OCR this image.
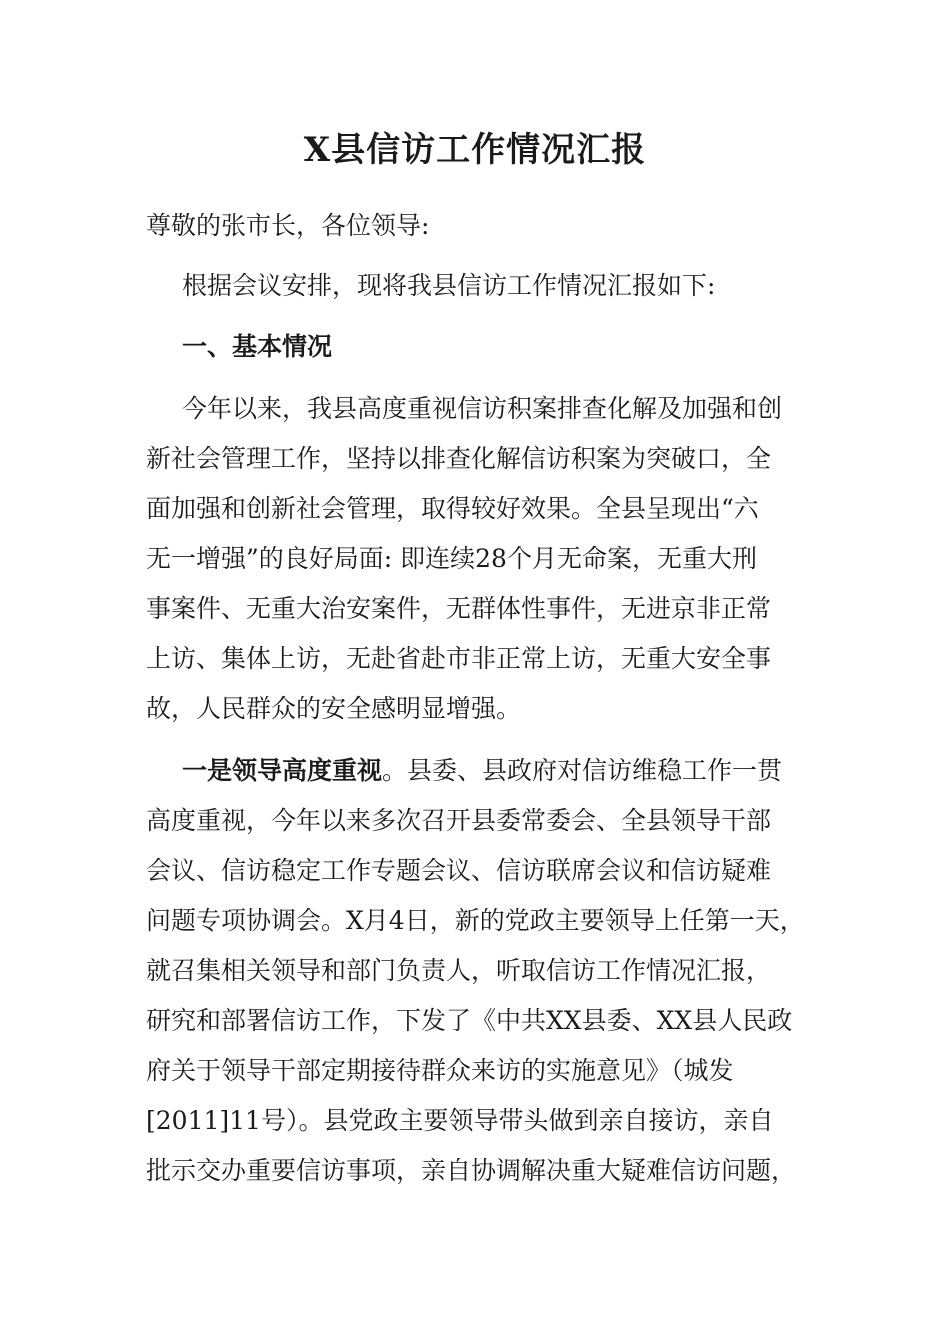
X县信访工作情况汇报
尊敬的张市长，各位领导:
根据会议安排，现将我县信访工作情况汇报如下:
一、基本情况
今年以来，我县高度重视信访积案排查化解及加强和创
新社会管理工作，坚持以排查化解信访积案为突破口，全
面加强和创新社会管理，取得较好效果。全县呈现出“六
无一增强”的良好局面: 即连续28个月无命案，无重大刑
事案件、无重大治安案件，无群体性事件，无进京非正常
上访、集体上访，无赴省赴市非正常上访，无重大安全事
故，人民群众的安全感明显增强。
一是领导高度重视。县委、县政府对信访维稳工作一贯
高度重视，今年以来多次召开县委常委会、全县领导干部
会议、信访稳定工作专题会议、信访联席会议和信访疑难
问题专项协调会。X月4日，新的党政主要领导上任第一天，
就召集相关领导和部门负责人，听取信访工作情况汇报，
研究和部署信访工作，下发了《中共XX县委、XX县人民政
府关于领导干部定期接待群众来访的实施意见》（城发
[2011]11号）。县党政主要领导带头做到亲自接访，亲自
批示交办重要信访事项，亲自协调解决重大疑难信访问题，
